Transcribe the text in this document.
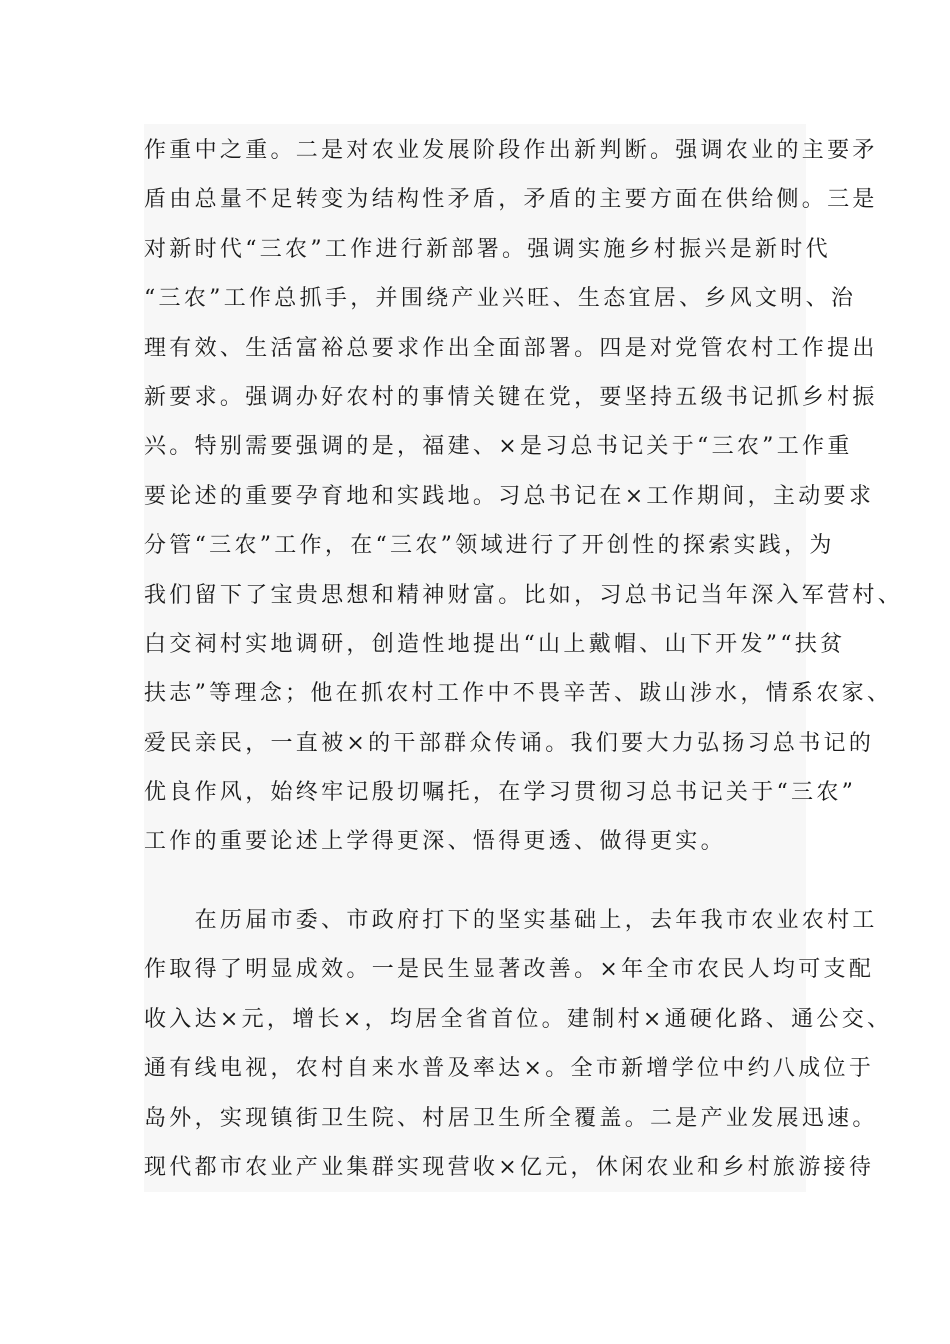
作重中之重。二是对农业发展阶段作出新判断。强调农业的主要矛
盾由总量不足转变为结构性矛盾，矛盾的主要方面在供给侧。三是
对新时代“三农”工作进行新部署。强调实施乡村振兴是新时代
“三农”工作总抓手，并围绕产业兴旺、生态宜居、乡风文明、治
理有效、生活富裕总要求作出全面部署。四是对党管农村工作提出
新要求。强调办好农村的事情关键在党，要坚持五级书记抓乡村振
兴。特别需要强调的是，福建、×是习总书记关于“三农”工作重
要论述的重要孕育地和实践地。习总书记在×工作期间，主动要求
分管“三农”工作，在“三农”领域进行了开创性的探索实践，为
我们留下了宝贵思想和精神财富。比如，习总书记当年深入军营村、
白交祠村实地调研，创造性地提出“山上戴帽、山下开发”“扶贫
扶志”等理念；他在抓农村工作中不畏辛苦、跋山涉水，情系农家、
爱民亲民，一直被×的干部群众传诵。我们要大力弘扬习总书记的
优良作风，始终牢记殷切嘱托，在学习贯彻习总书记关于“三农”
工作的重要论述上学得更深、悟得更透、做得更实。
　　在历届市委、市政府打下的坚实基础上，去年我市农业农村工
作取得了明显成效。一是民生显著改善。×年全市农民人均可支配
收入达×元，增长×，均居全省首位。建制村×通硬化路、通公交、
通有线电视，农村自来水普及率达×。全市新增学位中约八成位于
岛外，实现镇街卫生院、村居卫生所全覆盖。二是产业发展迅速。
现代都市农业产业集群实现营收×亿元，休闲农业和乡村旅游接待
